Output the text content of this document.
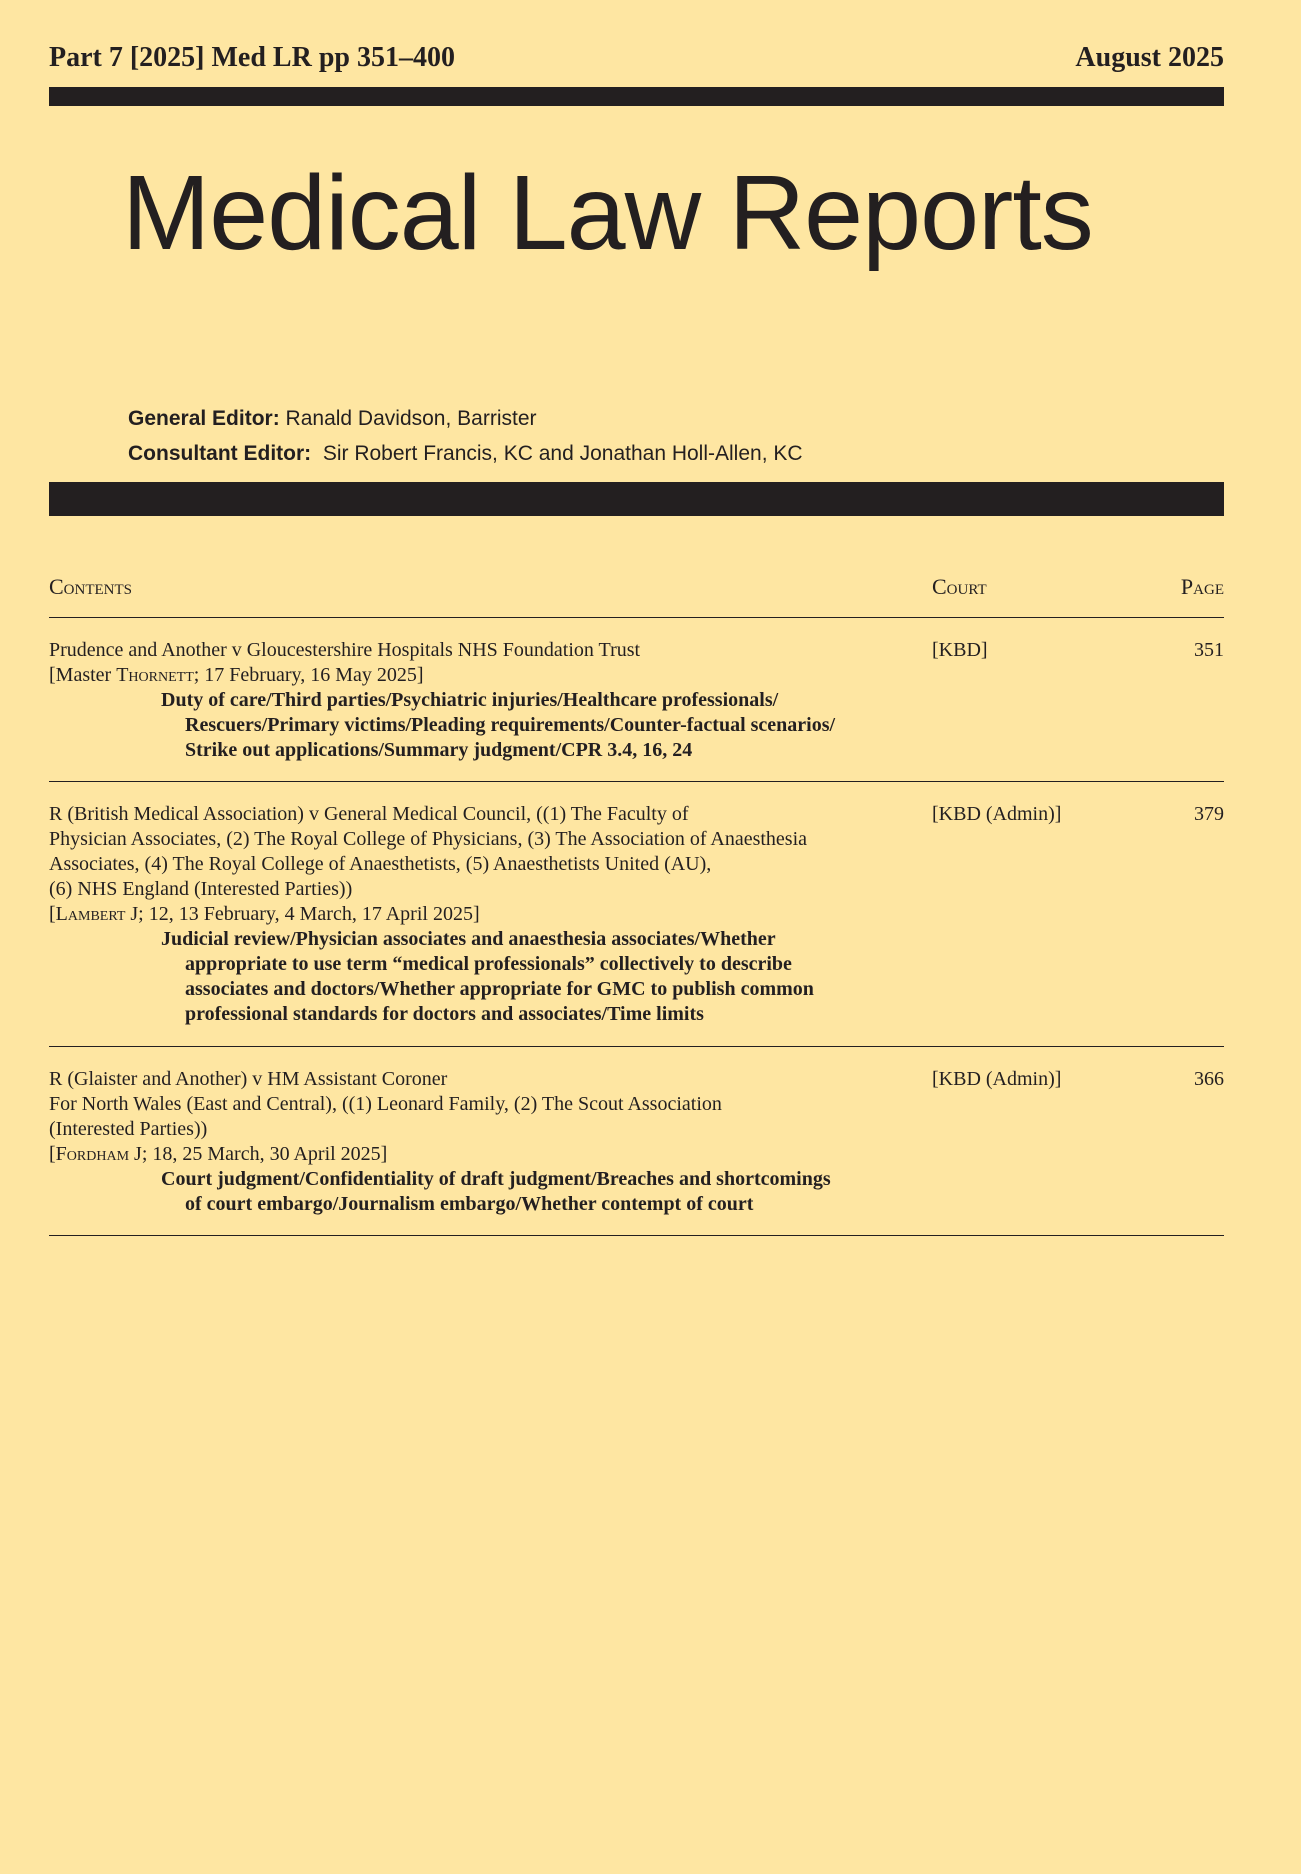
Part 7 [2025] Med LR pp 351–400	August 2025
Medical Law Reports
General Editor: Ranald Davidson, Barrister
Consultant Editor: Sir Robert Francis, KC and Jonathan Holl-Allen, KC
Contents	Court	Page
Prudence and Another v Gloucestershire Hospitals NHS Foundation Trust
[Master Thornett; 17 February, 16 May 2025]
Duty of care/Third parties/Psychiatric injuries/Healthcare professionals/
Rescuers/Primary victims/Pleading requirements/Counter-factual scenarios/
Strike out applications/Summary judgment/CPR 3.4, 16, 24
[KBD]	351
R (British Medical Association) v General Medical Council, ((1) The Faculty of
Physician Associates, (2) The Royal College of Physicians, (3) The Association of Anaesthesia
Associates, (4) The Royal College of Anaesthetists, (5) Anaesthetists United (AU),
(6) NHS England (Interested Parties))
[Lambert J; 12, 13 February, 4 March, 17 April 2025]
Judicial review/Physician associates and anaesthesia associates/Whether
appropriate to use term “medical professionals” collectively to describe
associates and doctors/Whether appropriate for GMC to publish common
professional standards for doctors and associates/Time limits
[KBD (Admin)]	379
R (Glaister and Another) v HM Assistant Coroner
For North Wales (East and Central), ((1) Leonard Family, (2) The Scout Association
(Interested Parties))
[Fordham J; 18, 25 March, 30 April 2025]
Court judgment/Confidentiality of draft judgment/Breaches and shortcomings
of court embargo/Journalism embargo/Whether contempt of court
[KBD (Admin)]	366
